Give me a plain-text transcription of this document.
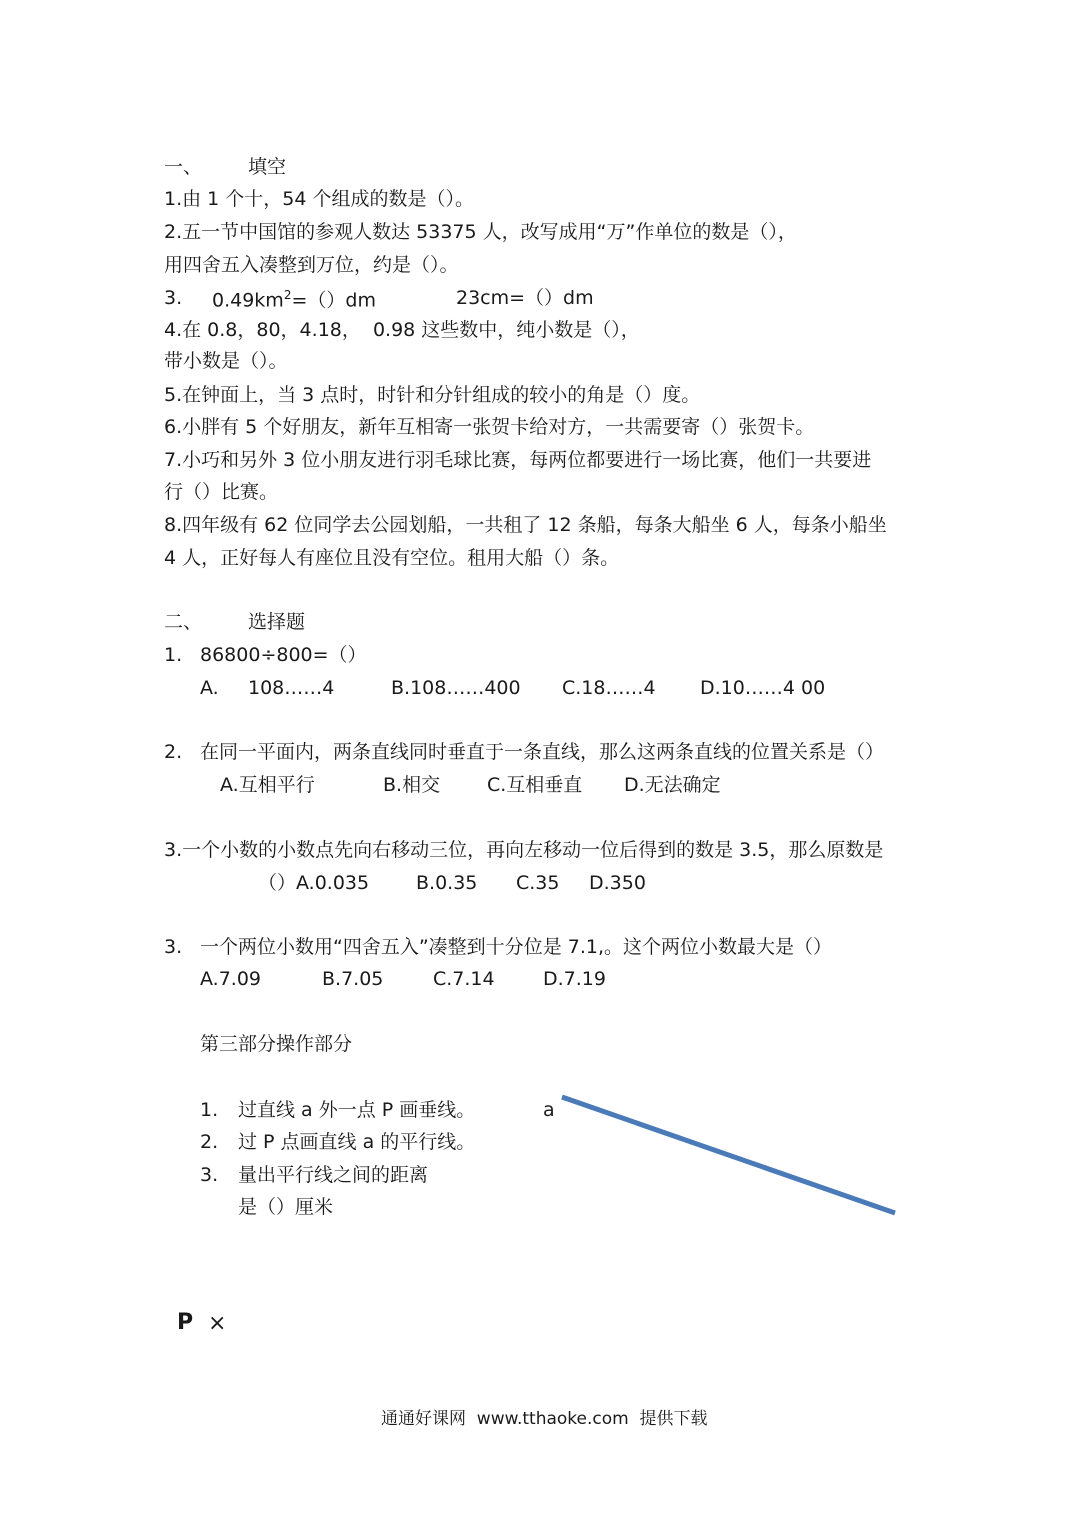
一、 填空
1.由 1 个十，54 个组成的数是（）。
2.五一节中国馆的参观人数达 53375 人，改写成用“万”作单位的数是（），
用四舍五入凑整到万位，约是（）。
3. $0.49km^2=()dm$	23cm=（）dm
4.在 0.8，80，4.18，  0.98 这些数中，纯小数是（），
带小数是（）。
5.在钟面上，当 3 点时，时针和分针组成的较小的角是（）度。
6.小胖有 5 个好朋友，新年互相寄一张贺卡给对方，一共需要寄（）张贺卡。
7.小巧和另外 3 位小朋友进行羽毛球比赛，每两位都要进行一场比赛，他们一共要进
行（）比赛。
8.四年级有 62 位同学去公园划船，一共租了 12 条船，每条大船坐 6 人，每条小船坐
4 人，正好每人有座位且没有空位。租用大船（）条。
二、 选择题
1. 86800÷800=（）
A. 108……4	B.108……400 C.18……4 D.10……4 00
2. 在同一平面内，两条直线同时垂直于一条直线，那么这两条直线的位置关系是（）
A.互相平行	B.相交 C.互相垂直 D.无法确定
3.一个小数的小数点先向右移动三位，再向左移动一位后得到的数是 3.5，那么原数是
（）A.0.035 B.0.35 C.35 D.350
3. 一个两位小数用“四舍五入”凑整到十分位是 7.1,。这个两位小数最大是（）
A.7.09	B.7.05	C.7.14	D.7.19
第三部分操作部分
1. 过直线 a 外一点 P 画垂线。
2. 过 P 点画直线 a 的平行线。
3. 量出平行线之间的距离
是（）厘米
a
P ×
通通好课网  www.tthaoke.com  提供下载
